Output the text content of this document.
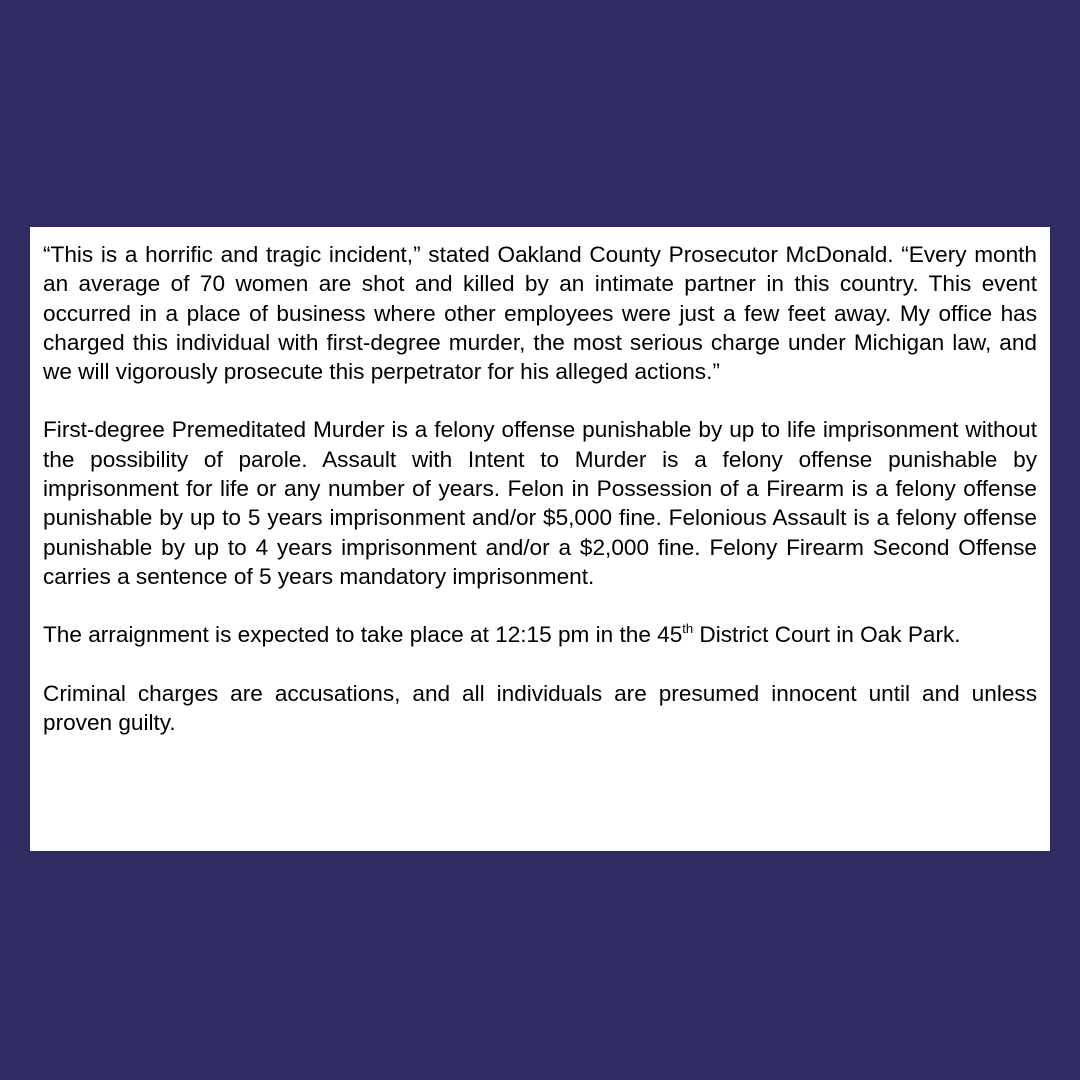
“This is a horrific and tragic incident,” stated Oakland County Prosecutor McDonald. “Every month an average of 70 women are shot and killed by an intimate partner in this country. This event occurred in a place of business where other employees were just a few feet away. My office has charged this individual with first-degree murder, the most serious charge under Michigan law, and we will vigorously prosecute this perpetrator for his alleged actions.”

First-degree Premeditated Murder is a felony offense punishable by up to life imprisonment without the possibility of parole. Assault with Intent to Murder is a felony offense punishable by imprisonment for life or any number of years. Felon in Possession of a Firearm is a felony offense punishable by up to 5 years imprisonment and/or $5,000 fine. Felonious Assault is a felony offense punishable by up to 4 years imprisonment and/or a $2,000 fine. Felony Firearm Second Offense carries a sentence of 5 years mandatory imprisonment.

The arraignment is expected to take place at 12:15 pm in the 45th District Court in Oak Park.

Criminal charges are accusations, and all individuals are presumed innocent until and unless proven guilty.
